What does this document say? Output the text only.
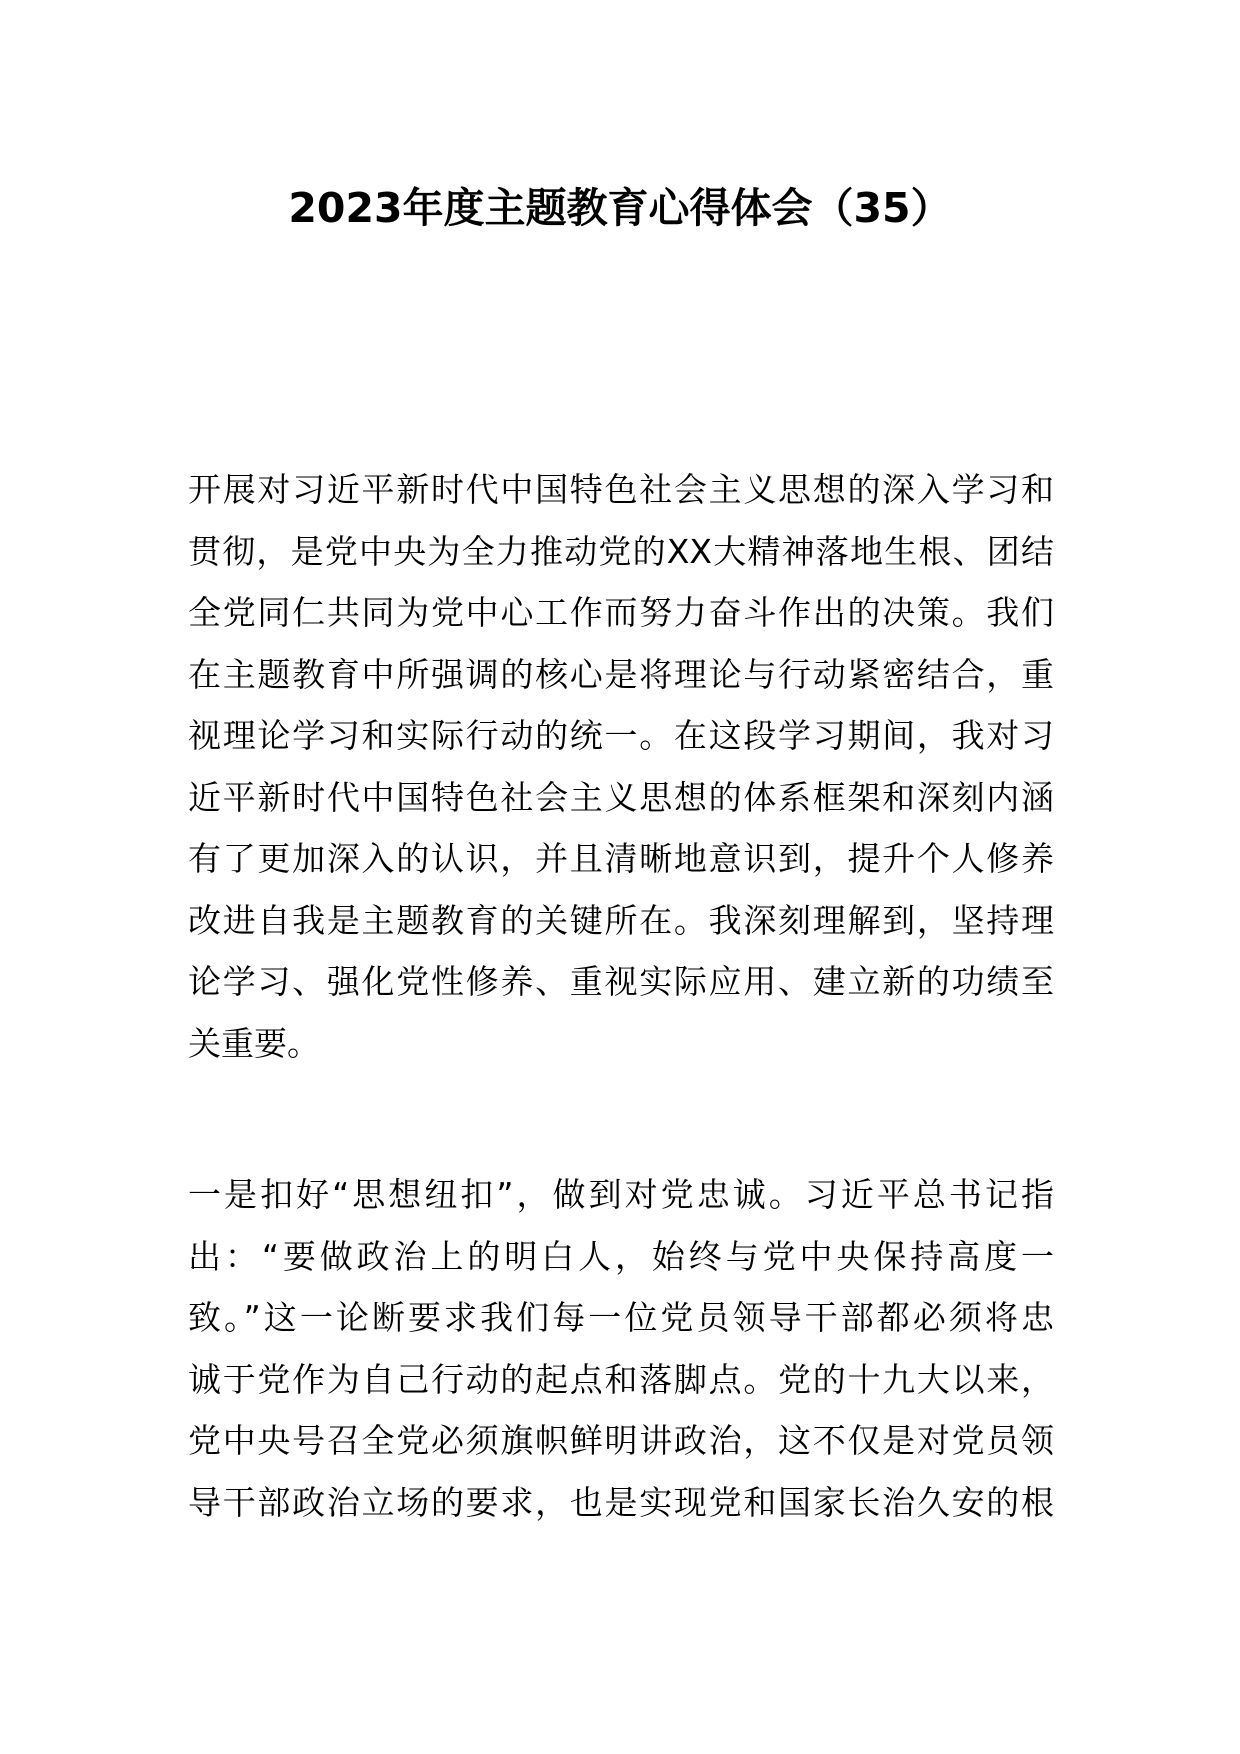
2023年度主题教育心得体会（35）
开展对习近平新时代中国特色社会主义思想的深入学习和
贯彻，是党中央为全力推动党的XX大精神落地生根、团结
全党同仁共同为党中心工作而努力奋斗作出的决策。我们
在主题教育中所强调的核心是将理论与行动紧密结合，重
视理论学习和实际行动的统一。在这段学习期间，我对习
近平新时代中国特色社会主义思想的体系框架和深刻内涵
有了更加深入的认识，并且清晰地意识到，提升个人修养
改进自我是主题教育的关键所在。我深刻理解到，坚持理
论学习、强化党性修养、重视实际应用、建立新的功绩至
关重要。
一是扣好“思想纽扣”，做到对党忠诚。习近平总书记指
出：“要做政治上的明白人，始终与党中央保持高度一
致。”这一论断要求我们每一位党员领导干部都必须将忠
诚于党作为自己行动的起点和落脚点。党的十九大以来，
党中央号召全党必须旗帜鲜明讲政治，这不仅是对党员领
导干部政治立场的要求，也是实现党和国家长治久安的根
